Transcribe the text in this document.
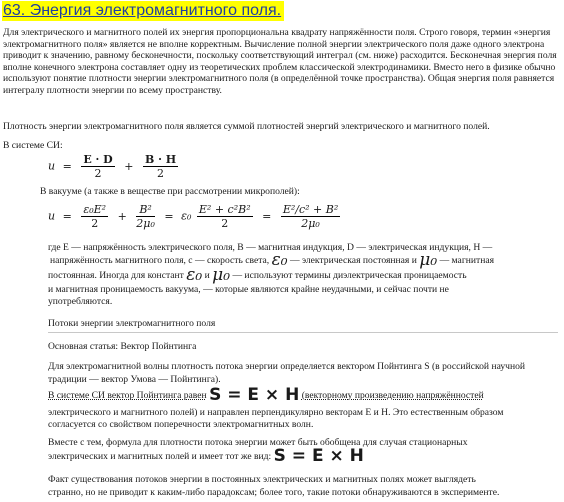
63. Энергия электромагнитного поля.
Для электрического и магнитного полей их энергия пропорциональна квадрату напряжённости поля. Строго говоря, термин «энергия электромагнитного поля» является не вполне корректным. Вычисление полной энергии электрического поля даже одного электрона приводит к значению, равному бесконечности, поскольку соответствующий интеграл (см. ниже) расходится. Бесконечная энергия поля вполне конечного электрона составляет одну из теоретических проблем классической электродинамики. Вместо него в физике обычно используют понятие плотности энергии электромагнитного поля (в определённой точке пространства). Общая энергия поля равняется интегралу плотности энергии по всему пространству.
Плотность энергии электромагнитного поля является суммой плотностей энергий электрического и магнитного полей.
В системе СИ:
$u = \frac{E \cdot D}{2} + \frac{B \cdot H}{2}$
В вакууме (а также в веществе при рассмотрении микрополей):
$u = \frac{\text{ε₀E²}}{2} + \frac{\text{B²}}{\text{2μ₀}} = \varepsilon_0 \frac{\text{E² + c²B²}}{2} = \frac{\text{E²/c² + B²}}{\text{2μ₀}}$
где E — напряжённость электрического поля, B — магнитная индукция, D — электрическая индукция, H —
напряжённость магнитного поля, c — скорость света, ε₀ — электрическая постоянная и μ₀ — магнитная
постоянная. Иногда для констант ε₀ и μ₀ — используют термины диэлектрическая проницаемость
и магнитная проницаемость вакуума, — которые являются крайне неудачными, и сейчас почти не
употребляются.
Потоки энергии электромагнитного поля
Основная статья: Вектор Пойнтинга
Для электромагнитной волны плотность потока энергии определяется вектором Пойнтинга S (в российской научной традиции — вектор Умова — Пойнтинга).
В системе СИ вектор Пойнтинга равен S = E × H (векторному произведению напряжённостей
электрического и магнитного полей) и направлен перпендикулярно векторам E и H. Это естественным образом
согласуется со свойством поперечности электромагнитных волн.
Вместе с тем, формула для плотности потока энергии может быть обобщена для случая стационарных
электрических и магнитных полей и имеет тот же вид: S = E × H
Факт существования потоков энергии в постоянных электрических и магнитных полях может выглядеть
странно, но не приводит к каким-либо парадоксам; более того, такие потоки обнаруживаются в эксперименте.
